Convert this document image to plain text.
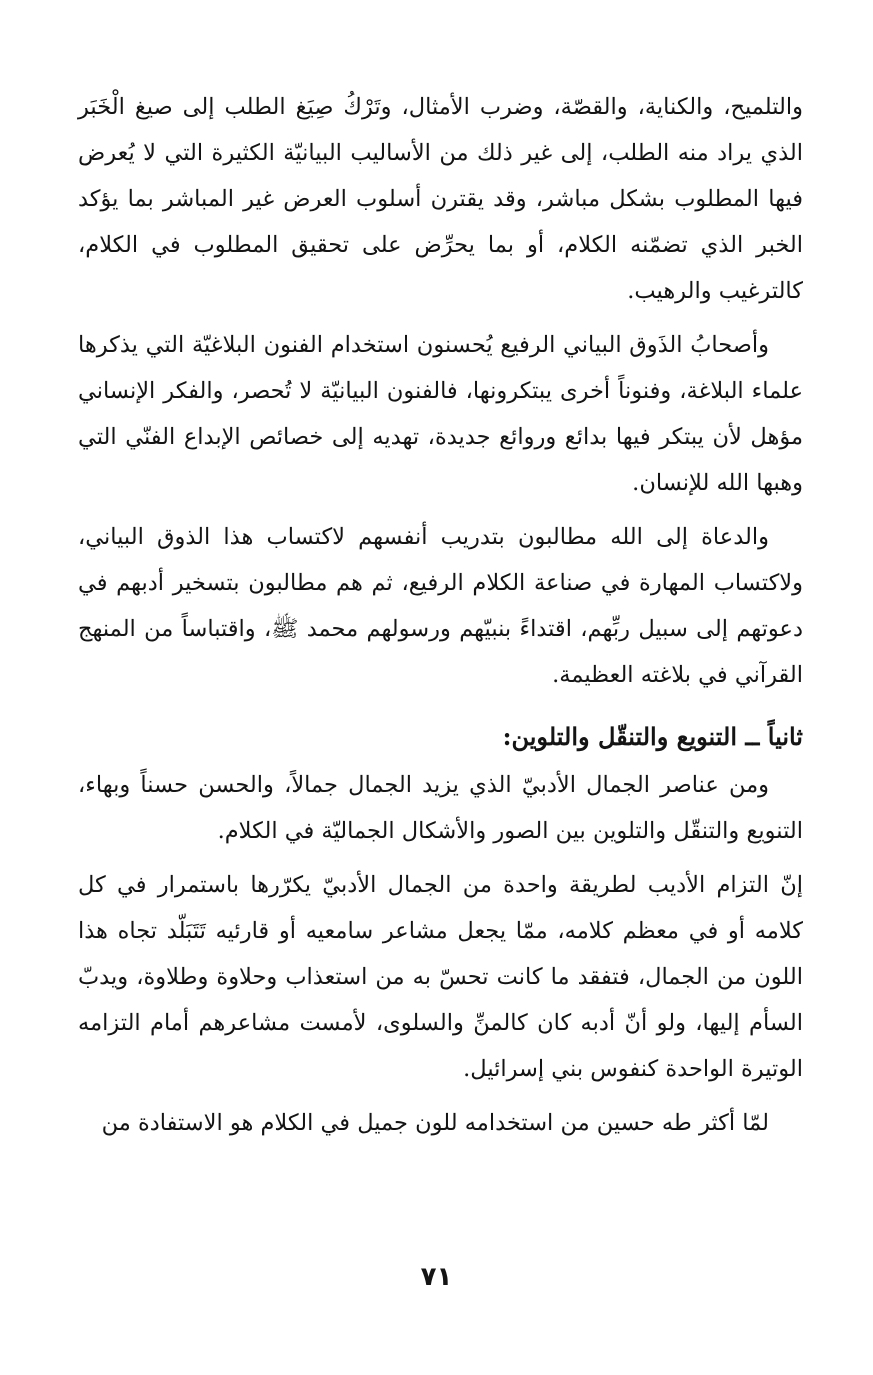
والتلميح، والكناية، والقصّة، وضرب الأمثال، وتَرْكُ صِيَغ الطلب إلى صيغ الْخَبَر الذي يراد منه الطلب، إلى غير ذلك من الأساليب البيانيّة الكثيرة التي لا يُعرض فيها المطلوب بشكل مباشر، وقد يقترن أسلوب العرض غير المباشر بما يؤكد الخبر الذي تضمّنه الكلام، أو بما يحرِّض على تحقيق المطلوب في الكلام، كالترغيب والرهيب.

وأصحابُ الذَوق البياني الرفيع يُحسنون استخدام الفنون البلاغيّة التي يذكرها علماء البلاغة، وفنوناً أخرى يبتكرونها، فالفنون البيانيّة لا تُحصر، والفكر الإنساني مؤهل لأن يبتكر فيها بدائع وروائع جديدة، تهديه إلى خصائص الإبداع الفنّي التي وهبها الله للإنسان.

والدعاة إلى الله مطالبون بتدريب أنفسهم لاكتساب هذا الذوق البياني، ولاكتساب المهارة في صناعة الكلام الرفيع، ثم هم مطالبون بتسخير أدبهم في دعوتهم إلى سبيل ربِّهم، اقتداءً بنبيّهم ورسولهم محمد ﷺ، واقتباساً من المنهج القرآني في بلاغته العظيمة.

ثانياً ــ التنويع والتنقّل والتلوين:

ومن عناصر الجمال الأدبيّ الذي يزيد الجمال جمالاً، والحسن حسناً وبهاء، التنويع والتنقّل والتلوين بين الصور والأشكال الجماليّة في الكلام.

إنّ التزام الأديب لطريقة واحدة من الجمال الأدبيّ يكرّرها باستمرار في كل كلامه أو في معظم كلامه، ممّا يجعل مشاعر سامعيه أو قارئيه تَتَبَلّد تجاه هذا اللون من الجمال، فتفقد ما كانت تحسّ به من استعذاب وحلاوة وطلاوة، ويدبّ السأم إليها، ولو أنّ أدبه كان كالمنِّ والسلوى، لأمست مشاعرهم أمام التزامه الوتيرة الواحدة كنفوس بني إسرائيل.

لمّا أكثر طه حسين من استخدامه للون جميل في الكلام هو الاستفادة من

٧١
